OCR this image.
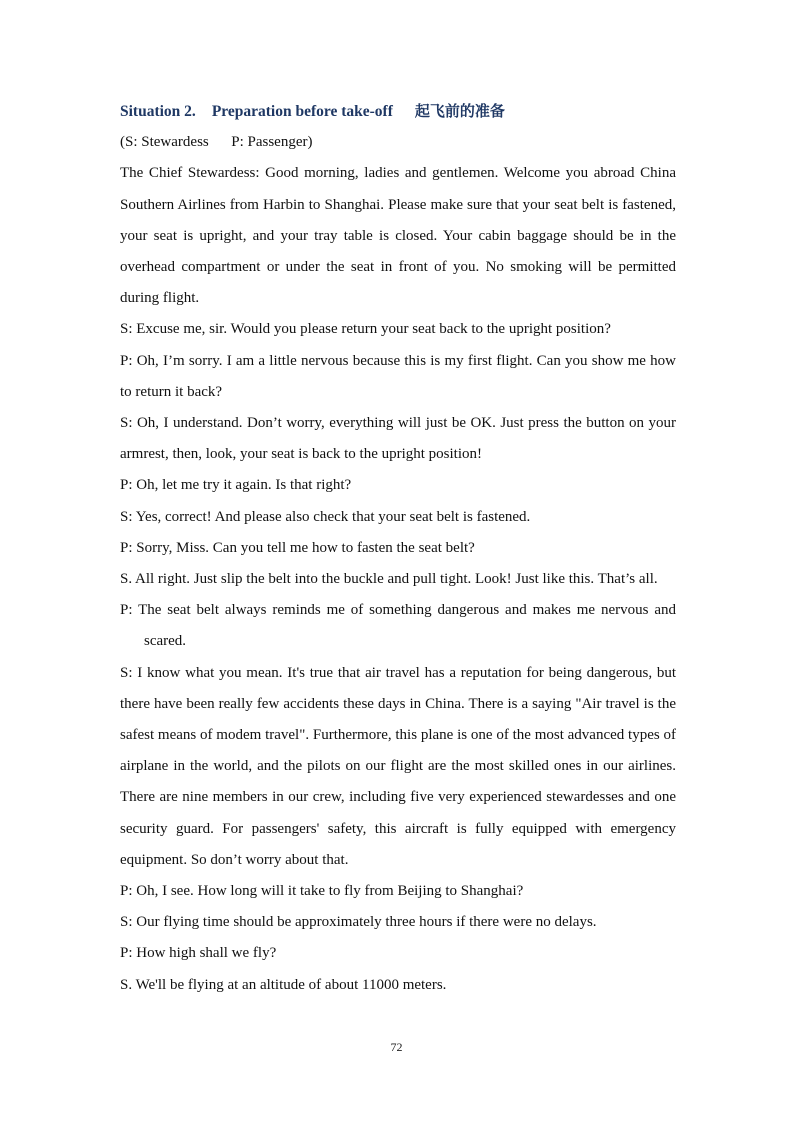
Situation 2. Preparation before take-off 起飞前的准备

(S: Stewardess      P: Passenger)

The Chief Stewardess: Good morning, ladies and gentlemen. Welcome you abroad China Southern Airlines from Harbin to Shanghai. Please make sure that your seat belt is fastened, your seat is upright, and your tray table is closed. Your cabin baggage should be in the overhead compartment or under the seat in front of you. No smoking will be permitted during flight.

S: Excuse me, sir. Would you please return your seat back to the upright position?

P: Oh, I’m sorry. I am a little nervous because this is my first flight. Can you show me how to return it back?

S: Oh, I understand. Don’t worry, everything will just be OK. Just press the button on your armrest, then, look, your seat is back to the upright position!

P: Oh, let me try it again. Is that right?

S: Yes, correct! And please also check that your seat belt is fastened.

P: Sorry, Miss. Can you tell me how to fasten the seat belt?

S. All right. Just slip the belt into the buckle and pull tight. Look! Just like this. That’s all.

P: The seat belt always reminds me of something dangerous and makes me nervous and scared.

S: I know what you mean. It's true that air travel has a reputation for being dangerous, but there have been really few accidents these days in China. There is a saying "Air travel is the safest means of modem travel". Furthermore, this plane is one of the most advanced types of airplane in the world, and the pilots on our flight are the most skilled ones in our airlines. There are nine members in our crew, including five very experienced stewardesses and one security guard. For passengers' safety, this aircraft is fully equipped with emergency equipment. So don’t worry about that.

P: Oh, I see. How long will it take to fly from Beijing to Shanghai?

S: Our flying time should be approximately three hours if there were no delays.

P: How high shall we fly?

S. We'll be flying at an altitude of about 11000 meters.

72
